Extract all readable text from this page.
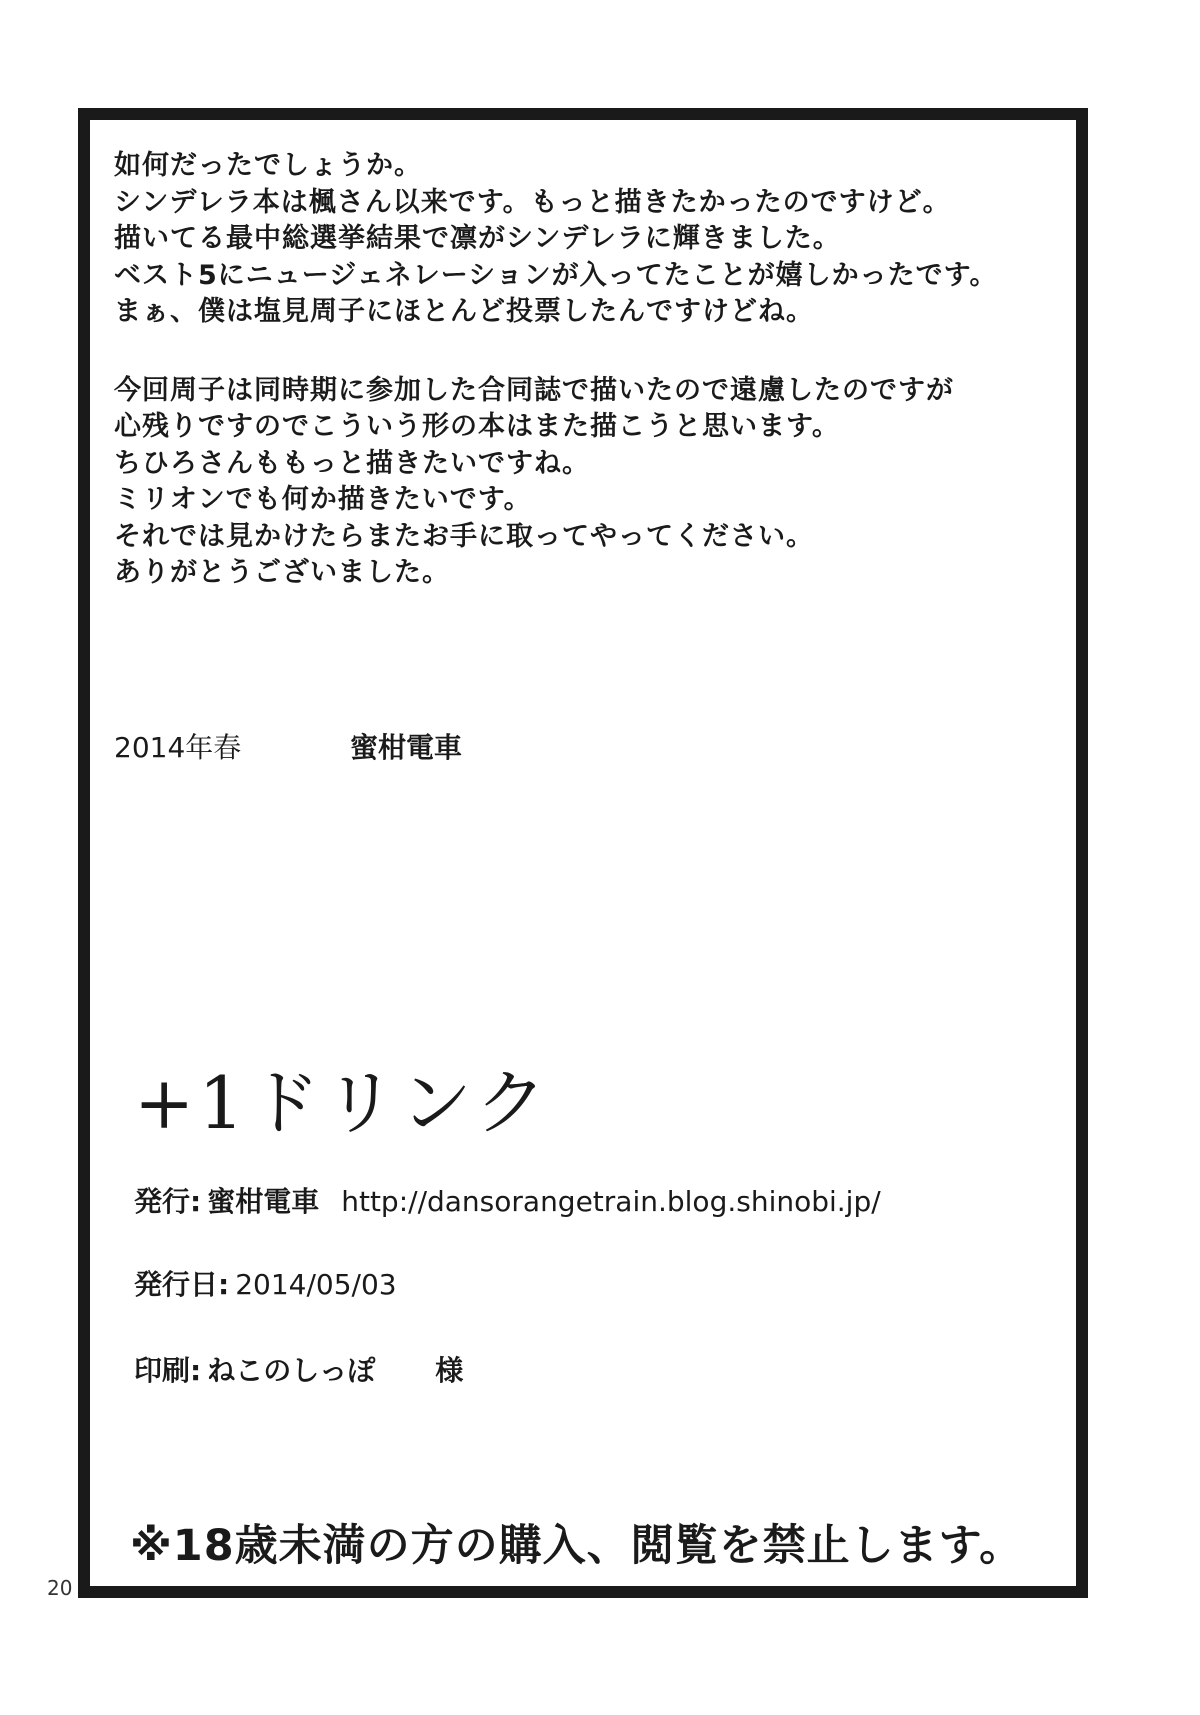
如何だったでしょうか。
シンデレラ本は楓さん以来です。もっと描きたかったのですけど。
描いてる最中総選挙結果で凛がシンデレラに輝きました。
ベスト5にニュージェネレーションが入ってたことが嬉しかったです。
まぁ、僕は塩見周子にほとんど投票したんですけどね。
今回周子は同時期に参加した合同誌で描いたので遠慮したのですが
心残りですのでこういう形の本はまた描こうと思います。
ちひろさんももっと描きたいですね。
ミリオンでも何か描きたいです。
それでは見かけたらまたお手に取ってやってください。
ありがとうございました。
2014年春	蜜柑電車
+1ドリンク
発行: 蜜柑電車 http://dansorangetrain.blog.shinobi.jp/
発行日: 2014/05/03
印刷: ねこのしっぽ 様
※18歳未満の方の購入、閲覧を禁止します。
20
